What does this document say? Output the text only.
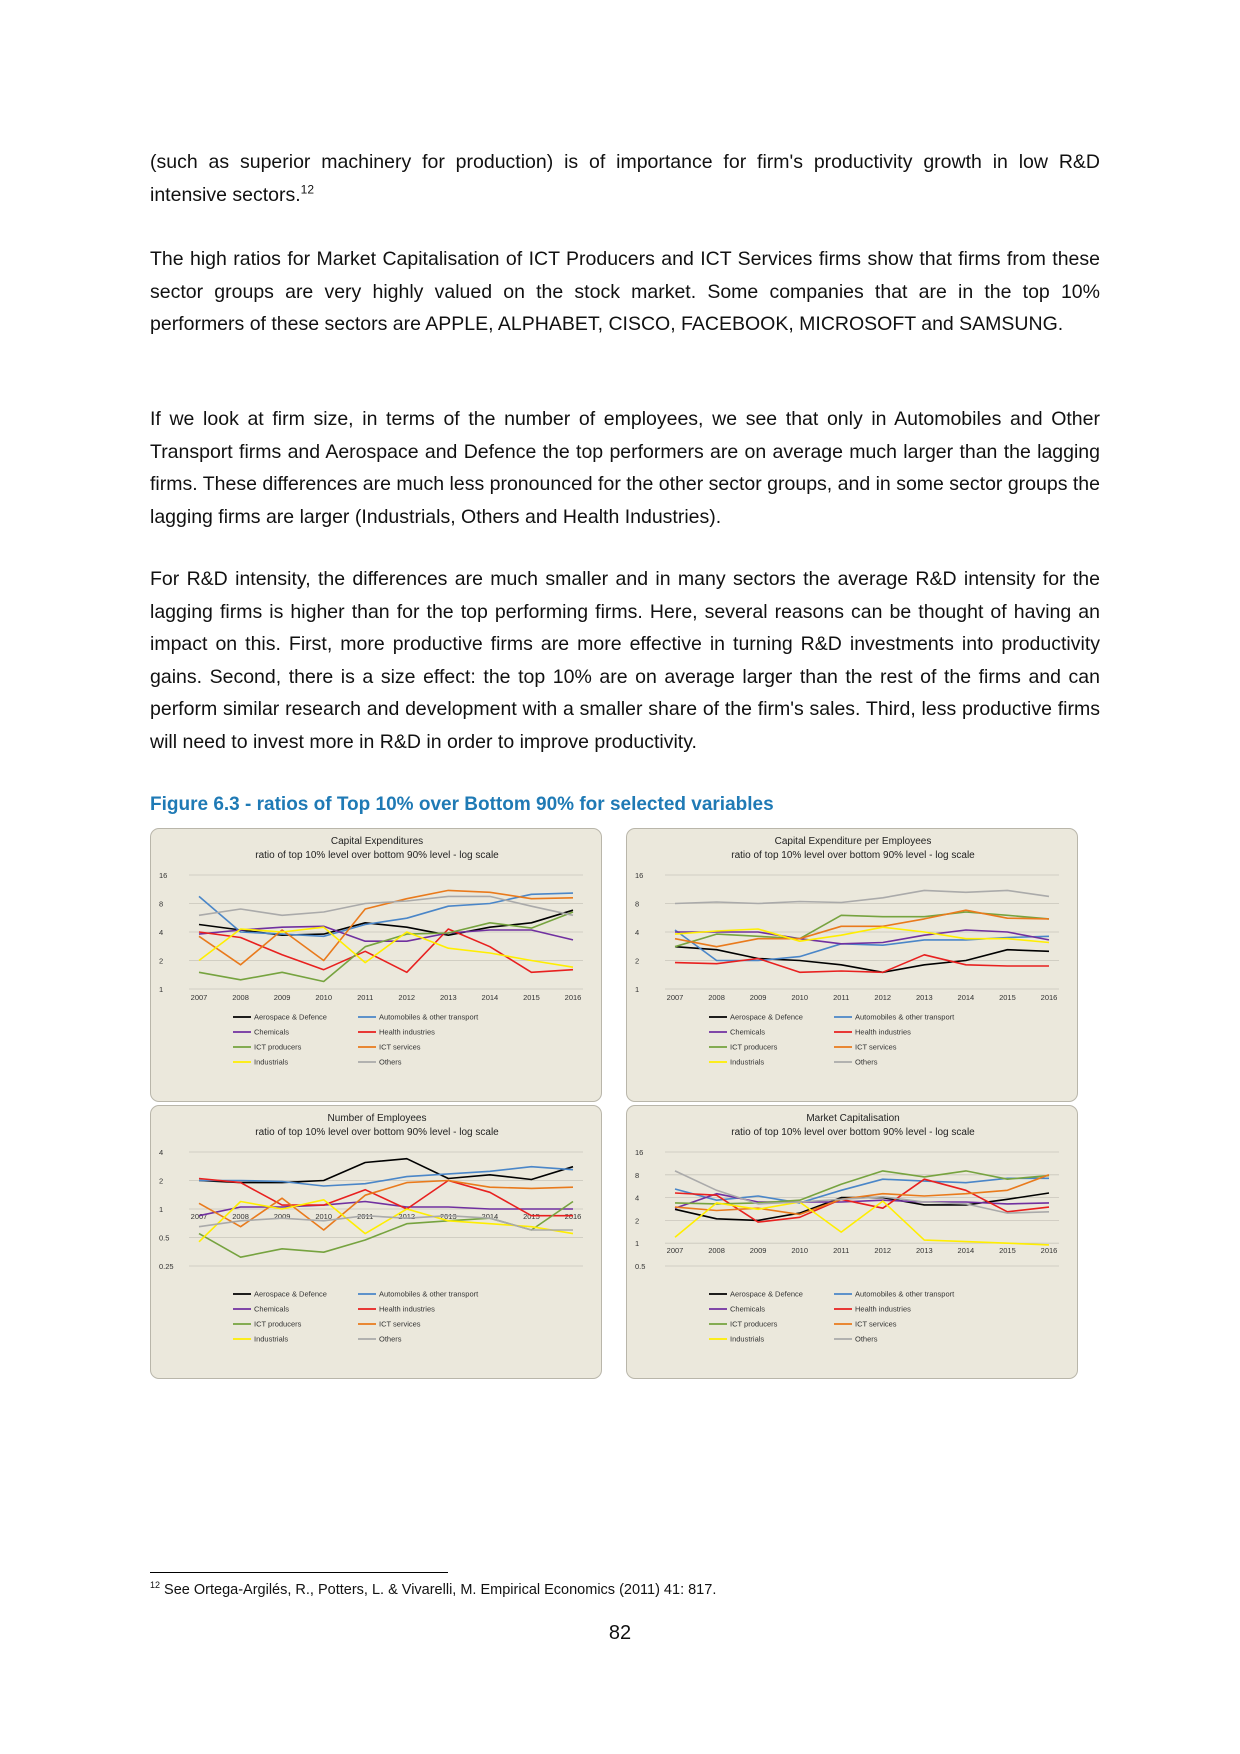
(such as superior machinery for production) is of importance for firm's productivity growth in low R&D intensive sectors.$^{12}$

The high ratios for Market Capitalisation of ICT Producers and ICT Services firms show that firms from these sector groups are very highly valued on the stock market. Some companies that are in the top 10% performers of these sectors are APPLE, ALPHABET, CISCO, FACEBOOK, MICROSOFT and SAMSUNG.

If we look at firm size, in terms of the number of employees, we see that only in Automobiles and Other Transport firms and Aerospace and Defence the top performers are on average much larger than the lagging firms. These differences are much less pronounced for the other sector groups, and in some sector groups the lagging firms are larger (Industrials, Others and Health Industries).

For R&D intensity, the differences are much smaller and in many sectors the average R&D intensity for the lagging firms is higher than for the top performing firms. Here, several reasons can be thought of having an impact on this. First, more productive firms are more effective in turning R&D investments into productivity gains. Second, there is a size effect: the top 10% are on average larger than the rest of the firms and can perform similar research and development with a smaller share of the firm's sales. Third, less productive firms will need to invest more in R&D in order to improve productivity.

Figure 6.3 - ratios of Top 10% over Bottom 90% for selected variables

Capital Expenditures
ratio of top 10% level over bottom 90% level - log scale
1
2
4
8
16
2007	2008	2009	2010	2011	2012	2013	2014	2015	2016
Aerospace & Defence	Automobiles & other transport
Chemicals	Health industries
ICT producers	ICT services
Industrials	Others
Capital Expenditure per Employees
ratio of top 10% level over bottom 90% level - log scale
1
2
4
8
16
2007	2008	2009	2010	2011	2012	2013	2014	2015	2016
Aerospace & Defence	Automobiles & other transport
Chemicals	Health industries
ICT producers	ICT services
Industrials	Others
Number of Employees
ratio of top 10% level over bottom 90% level - log scale
0.25
0.5
1
2
4
2007	2008	2009	2010	2011	2012	2013	2014	2015	2016
Aerospace & Defence	Automobiles & other transport
Chemicals	Health industries
ICT producers	ICT services
Industrials	Others
Market Capitalisation
ratio of top 10% level over bottom 90% level - log scale
0.5
1
2
4
8
16
2007	2008	2009	2010	2011	2012	2013	2014	2015	2016
Aerospace & Defence	Automobiles & other transport
Chemicals	Health industries
ICT producers	ICT services
Industrials	Others

$^{12}$ See Ortega-Argilés, R., Potters, L. & Vivarelli, M. Empirical Economics (2011) 41: 817.

82
